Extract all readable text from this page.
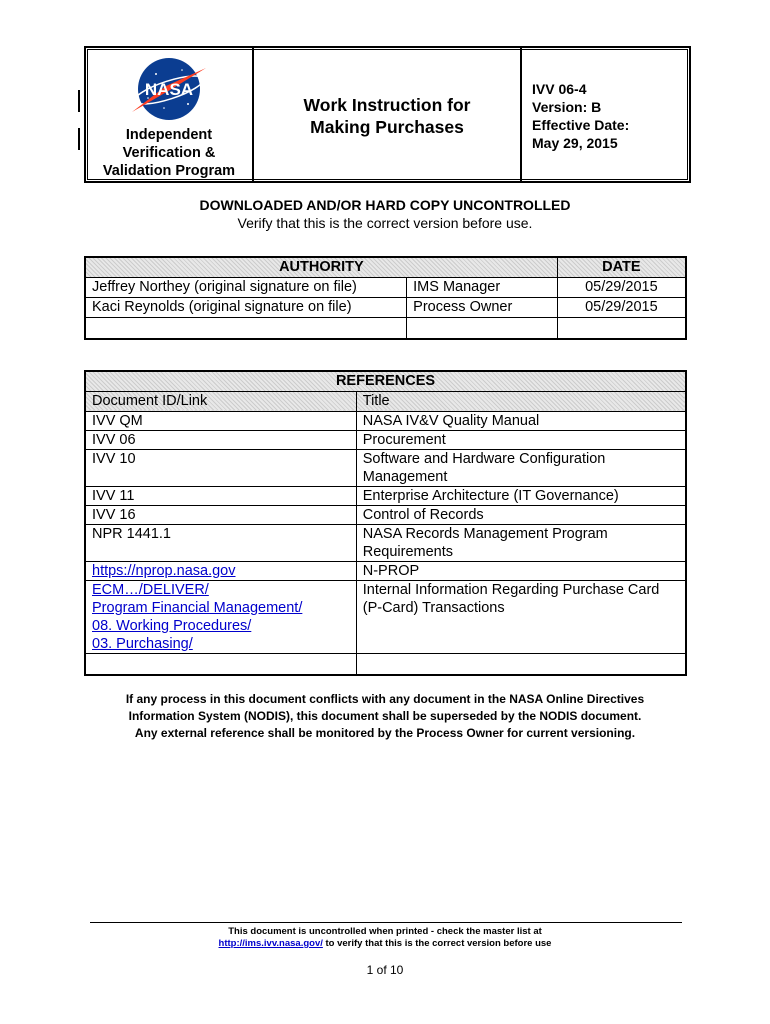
NASA
Independent
Verification &
Validation Program
Work Instruction for
Making Purchases
IVV 06-4
Version: B
Effective Date:
May 29, 2015
DOWNLOADED AND/OR HARD COPY UNCONTROLLED
Verify that this is the correct version before use.
AUTHORITY		DATE
Jeffrey Northey (original signature on file)	IMS Manager	05/29/2015
Kaci Reynolds (original signature on file)	Process Owner	05/29/2015

REFERENCES	
Document ID/Link	Title
IVV QM	NASA IV&V Quality Manual
IVV 06	Procurement
IVV 10	Software and Hardware Configuration Management
IVV 11	Enterprise Architecture (IT Governance)
IVV 16	Control of Records
NPR 1441.1	NASA Records Management Program Requirements
https://nprop.nasa.gov	N-PROP

ECM…/DELIVER/
Program Financial Management/
08. Working Procedures/
03. Purchasing/	Internal Information Regarding Purchase Card (P-Card) Transactions

If any process in this document conflicts with any document in the NASA Online Directives
Information System (NODIS), this document shall be superseded by the NODIS document.
Any external reference shall be monitored by the Process Owner for current versioning.
This document is uncontrolled when printed - check the master list at
http://ims.ivv.nasa.gov/ to verify that this is the correct version before use
1 of 10
